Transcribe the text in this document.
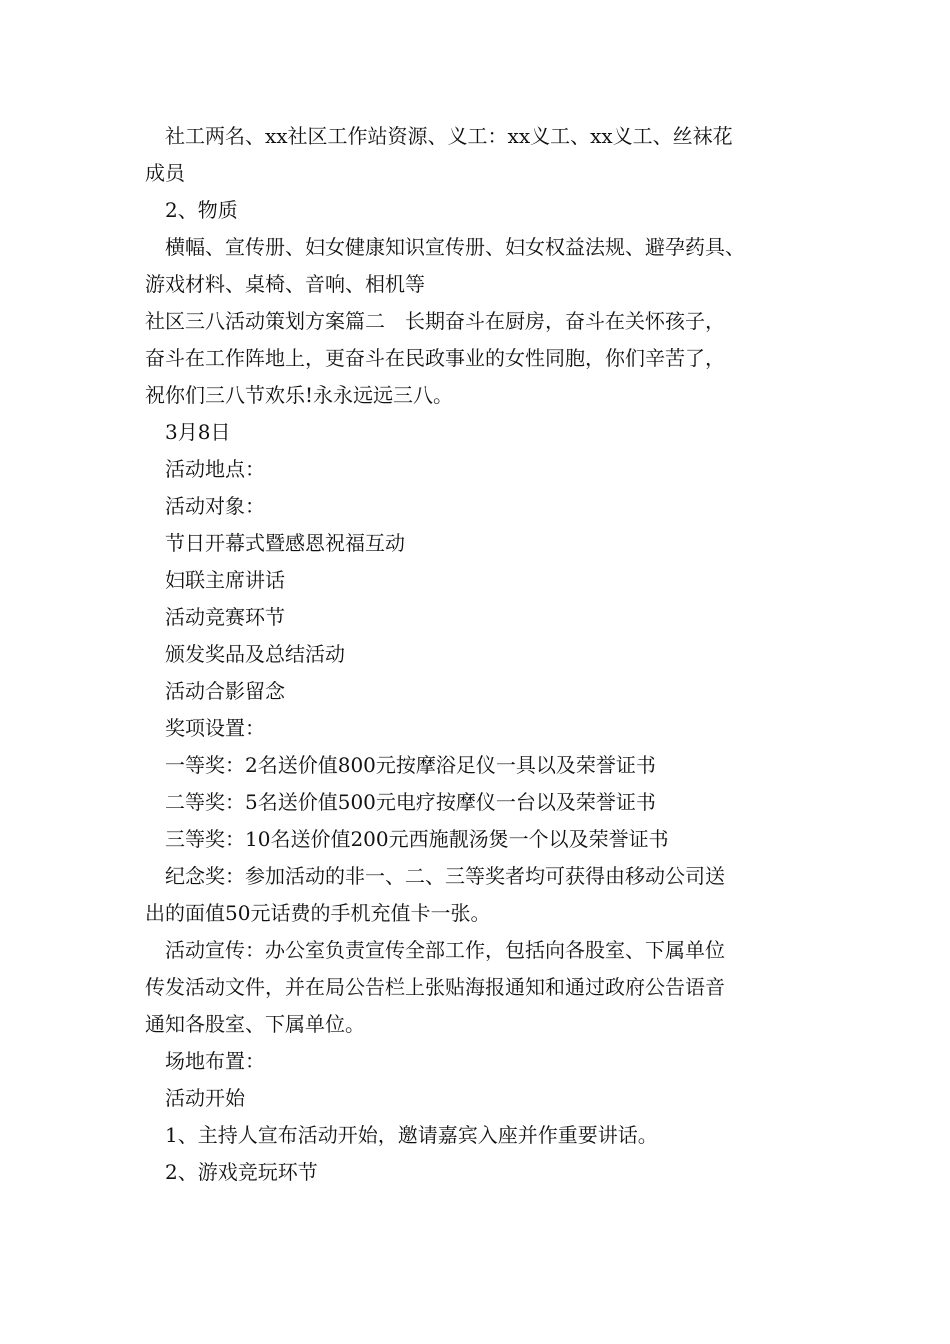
社工两名、xx社区工作站资源、义工：xx义工、xx义工、丝袜花
成员
2、物质
横幅、宣传册、妇女健康知识宣传册、妇女权益法规、避孕药具、
游戏材料、桌椅、音响、相机等
社区三八活动策划方案篇二　长期奋斗在厨房，奋斗在关怀孩子，
奋斗在工作阵地上，更奋斗在民政事业的女性同胞，你们辛苦了，
祝你们三八节欢乐!永永远远三八。
3月8日
活动地点：
活动对象：
节日开幕式暨感恩祝福互动
妇联主席讲话
活动竞赛环节
颁发奖品及总结活动
活动合影留念
奖项设置：
一等奖：2名送价值800元按摩浴足仪一具以及荣誉证书
二等奖：5名送价值500元电疗按摩仪一台以及荣誉证书
三等奖：10名送价值200元西施靓汤煲一个以及荣誉证书
纪念奖：参加活动的非一、二、三等奖者均可获得由移动公司送
出的面值50元话费的手机充值卡一张。
活动宣传：办公室负责宣传全部工作，包括向各股室、下属单位
传发活动文件，并在局公告栏上张贴海报通知和通过政府公告语音
通知各股室、下属单位。
场地布置：
活动开始
1、主持人宣布活动开始，邀请嘉宾入座并作重要讲话。
2、游戏竞玩环节
